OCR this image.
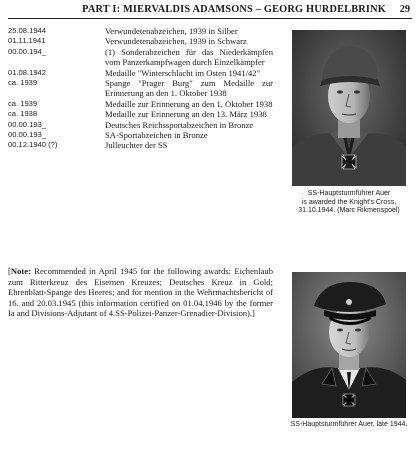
PART I: MIERVALDIS ADAMSONS – GEORG HURDELBRINK 29
25.08.1944	Verwundetenabzeichen, 1939 in Silber
01.11.1941	Verwundetenabzeichen, 1939 in Schwarz
00.00.194_	(1) Sonderabzeichen für das Niederkämpfen vom Panzerkampfwagen durch Einzelkämpfer
01.08.1942	Medaille "Winterschlacht im Osten 1941/42"
ca. 1939	Spange "Prager Burg" zum Medaille zur Erinnerung an den 1. Oktober 1938
ca. 1939	Medaille zur Erinnerung an den 1. Oktober 1938
ca. 1938	Medaille zur Erinnerung an den 13. März 1938
00.00.193_	Deutsches Reichssportabzeichen in Bronze
00.00.193_	SA-Sportabzeichen in Bronze
00.12.1940 (?)	Julleuchter der SS
[Note: Recommended in April 1945 for the following awards: Eichenlaub zum Ritterkreuz des Eisernen Kreuzes; Deutsches Kreuz in Gold; Ehrenblatt-Spange des Heeres; and for mention in the Wehrmachtsbericht of 16. and 20.03.1945 (this information certified on 01.04.1946 by the former Ia and Divisions-Adjutant of 4.SS-Polizei-Panzer-Grenadier-Division).]
SS-Hauptsturmführer Auer
is awarded the Knight's Cross,
31.10.1944. (Marc Rikmenspoel)
SS-Hauptsturmführer Auer, late 1944.
